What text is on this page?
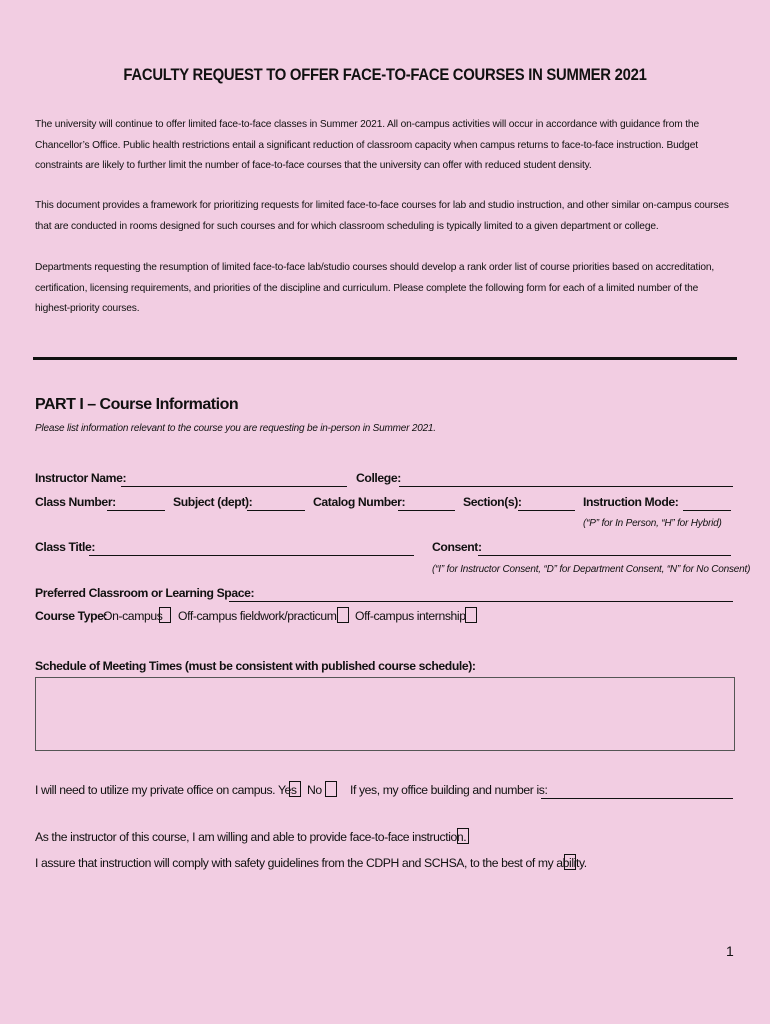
FACULTY REQUEST TO OFFER FACE-TO-FACE COURSES IN SUMMER 2021

The university will continue to offer limited face-to-face classes in Summer 2021. All on-campus activities will occur in accordance with guidance from the Chancellor’s Office. Public health restrictions entail a significant reduction of classroom capacity when campus returns to face-to-face instruction. Budget constraints are likely to further limit the number of face-to-face courses that the university can offer with reduced student density.

This document provides a framework for prioritizing requests for limited face-to-face courses for lab and studio instruction, and other similar on-campus courses that are conducted in rooms designed for such courses and for which classroom scheduling is typically limited to a given department or college.

Departments requesting the resumption of limited face-to-face lab/studio courses should develop a rank order list of course priorities based on accreditation, certification, licensing requirements, and priorities of the discipline and curriculum. Please complete the following form for each of a limited number of the highest-priority courses.

PART I – Course Information
Please list information relevant to the course you are requesting be in-person in Summer 2021.
Instructor Name:	College:
Class Number:	Subject (dept):	Catalog Number:	Section(s):	Instruction Mode:
(“P” for In Person, “H” for Hybrid)
Class Title:	Consent:
(“I” for Instructor Consent, “D” for Department Consent, “N” for No Consent)
Preferred Classroom or Learning Space:
Course Type:
On-campus Off-campus fieldwork/practicum Off-campus internship
Schedule of Meeting Times (must be consistent with published course schedule):
I will need to utilize my private office on campus. Yes No If yes, my office building and number is:
As the instructor of this course, I am willing and able to provide face-to-face instruction.
I assure that instruction will comply with safety guidelines from the CDPH and SCHSA, to the best of my ability.
1
